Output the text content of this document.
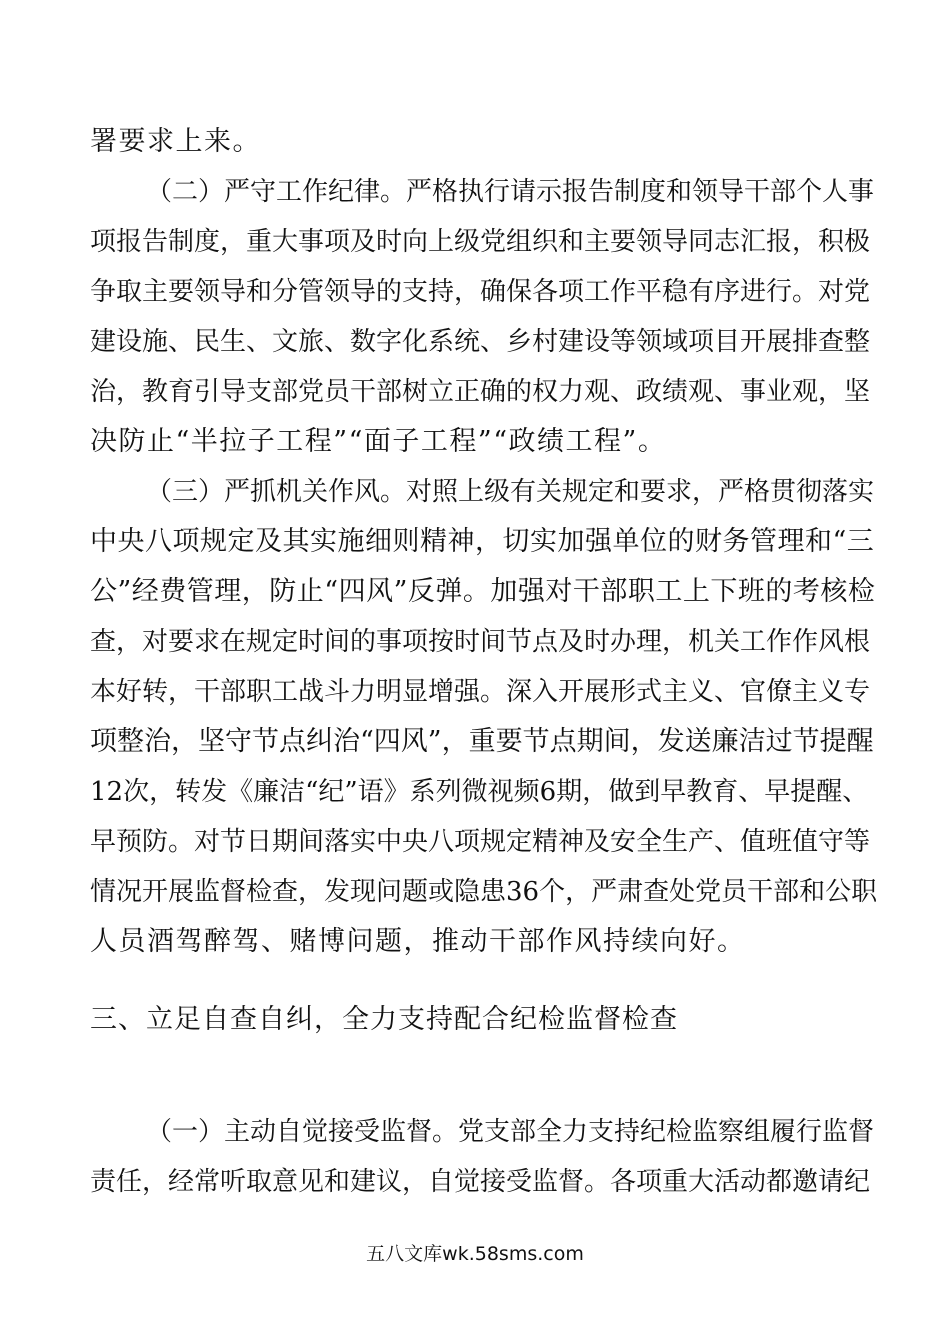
署要求上来。
（二）严守工作纪律。严格执行请示报告制度和领导干部个人事
项报告制度，重大事项及时向上级党组织和主要领导同志汇报，积极
争取主要领导和分管领导的支持，确保各项工作平稳有序进行。对党
建设施、民生、文旅、数字化系统、乡村建设等领域项目开展排查整
治，教育引导支部党员干部树立正确的权力观、政绩观、事业观，坚
决防止“半拉子工程”“面子工程”“政绩工程”。
（三）严抓机关作风。对照上级有关规定和要求，严格贯彻落实
中央八项规定及其实施细则精神，切实加强单位的财务管理和“三
公”经费管理，防止“四风”反弹。加强对干部职工上下班的考核检
查，对要求在规定时间的事项按时间节点及时办理，机关工作作风根
本好转，干部职工战斗力明显增强。深入开展形式主义、官僚主义专
项整治，坚守节点纠治“四风”，重要节点期间，发送廉洁过节提醒
12次，转发《廉洁“纪”语》系列微视频6期，做到早教育、早提醒、
早预防。对节日期间落实中央八项规定精神及安全生产、值班值守等
情况开展监督检查，发现问题或隐患36个，严肃查处党员干部和公职
人员酒驾醉驾、赌博问题，推动干部作风持续向好。
三、立足自查自纠，全力支持配合纪检监督检查
（一）主动自觉接受监督。党支部全力支持纪检监察组履行监督
责任，经常听取意见和建议，自觉接受监督。各项重大活动都邀请纪
五八文库wk.58sms.com
